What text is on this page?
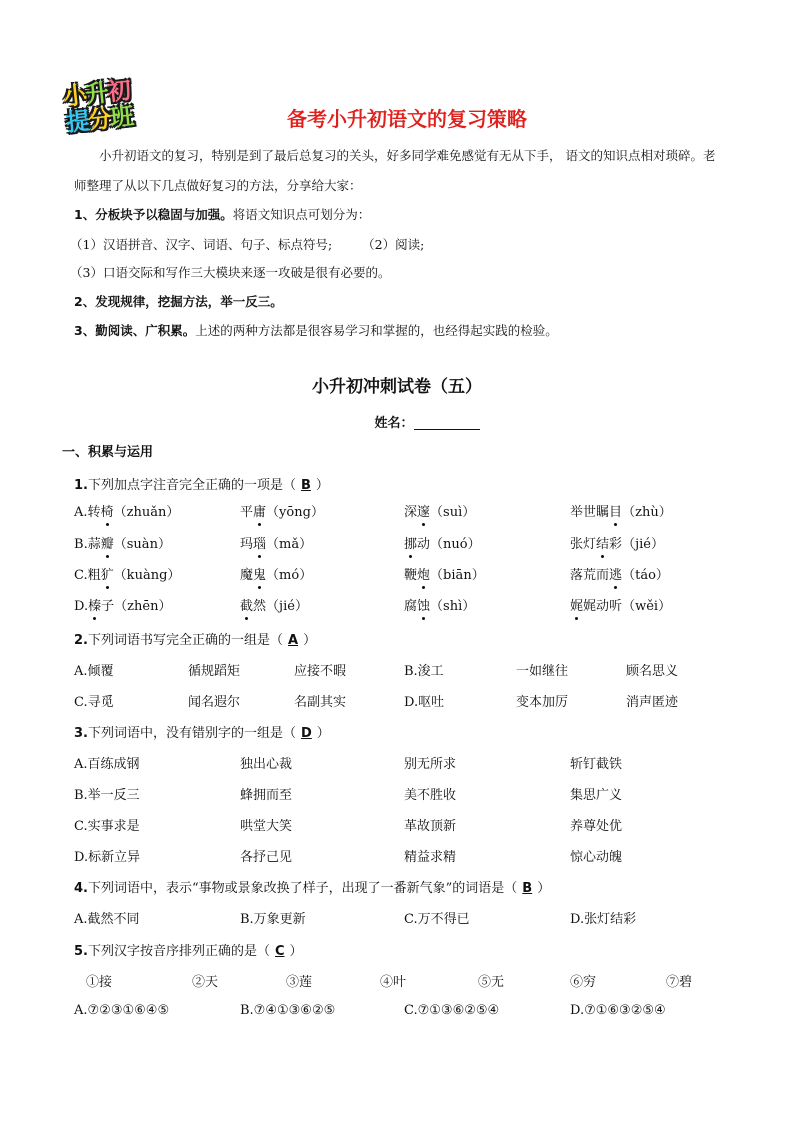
小升初
提分班	备考小升初语文的复习策略
小升初语文的复习，特别是到了最后总复习的关头，好多同学难免感觉有无从下手， 语文的知识点相对琐碎。老师整理了从以下几点做好复习的方法，分享给大家：
1、分板块予以稳固与加强。将语文知识点可划分为：
（1）汉语拼音、汉字、词语、句子、标点符号; （2）阅读;
（3）口语交际和写作三大模块来逐一攻破是很有必要的。
2、发现规律，挖掘方法，举一反三。
3、勤阅读、广积累。上述的两种方法都是很容易学习和掌握的，也经得起实践的检验。
小升初冲刺试卷（五）
姓名：
一、积累与运用
1.下列加点字注音完全正确的一项是（ B ）
2.下列词语书写完全正确的一组是（ A ）
3.下列词语中，没有错别字的一组是（ D ）
4.下列词语中，表示“事物或景象改换了样子，出现了一番新气象”的词语是（ B ）
5.下列汉字按音序排列正确的是（ C ）
A.转椅（zhuǎn）	平庸（yōng）	深邃（suì）	举世瞩目（zhù）
B.蒜瓣（suàn）	玛瑙（mǎ）	挪动（nuó）	张灯结彩（jié）
C.粗犷（kuàng）	魔鬼（mó）	鞭炮（biān）	落荒而逃（táo）
D.榛子（zhēn）	截然（jié）	腐蚀（shì）	娓娓动听（wěi）
A.倾覆	循规蹈矩	应接不暇	B.浚工	一如继往	顾名思义
C.寻觅	闻名遐尔	名副其实	D.呕吐	变本加厉	消声匿迹
A.百练成钢	独出心裁	别无所求	斩钉截铁
B.举一反三	蜂拥而至	美不胜收	集思广义
C.实事求是	哄堂大笑	革故顶新	养尊处优
D.标新立异	各抒己见	精益求精	惊心动魄
A.截然不同	B.万象更新	C.万不得已	D.张灯结彩
A.⑦②③①⑥④⑤	B.⑦④①③⑥②⑤	C.⑦①③⑥②⑤④	D.⑦①⑥③②⑤④
①接	②天	③莲	④叶	⑤无	⑥穷	⑦碧
